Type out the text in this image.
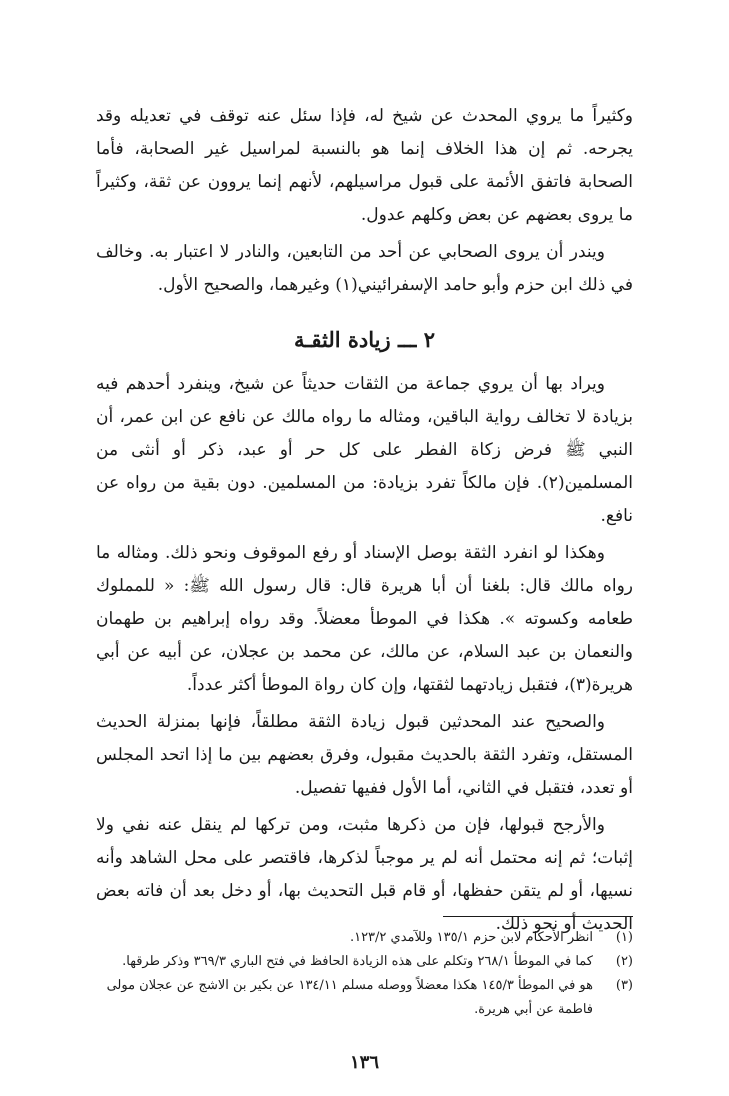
وكثيراً ما يروي المحدث عن شيخ له، فإذا سئل عنه توقف في تعديله وقد يجرحه. ثم إن هذا الخلاف إنما هو بالنسبة لمراسيل غير الصحابة، فأما الصحابة فاتفق الأئمة على قبول مراسيلهم، لأنهم إنما يروون عن ثقة، وكثيراً ما يروى بعضهم عن بعض وكلهم عدول.

ويندر أن يروى الصحابي عن أحد من التابعين، والنادر لا اعتبار به. وخالف في ذلك ابن حزم وأبو حامد الإسفرائيني(١) وغيرهما، والصحيح الأول.

٢ ـــ زيادة الثقـة

ويراد بها أن يروي جماعة من الثقات حديثاً عن شيخ، وينفرد أحدهم فيه بزيادة لا تخالف رواية الباقين، ومثاله ما رواه مالك عن نافع عن ابن عمر، أن النبي ﷺ فرض زكاة الفطر على كل حر أو عبد، ذكر أو أنثى من المسلمين(٢). فإن مالكاً تفرد بزيادة: من المسلمين. دون بقية من رواه عن نافع.

وهكذا لو انفرد الثقة بوصل الإسناد أو رفع الموقوف ونحو ذلك. ومثاله ما رواه مالك قال: بلغنا أن أبا هريرة قال: قال رسول الله ﷺ: « للمملوك طعامه وكسوته ». هكذا في الموطأ معضلاً. وقد رواه إبراهيم بن طهمان والنعمان بن عبد السلام، عن مالك، عن محمد بن عجلان، عن أبيه عن أبي هريرة(٣)، فتقبل زيادتهما لثقتها، وإن كان رواة الموطأ أكثر عدداً.

والصحيح عند المحدثين قبول زيادة الثقة مطلقاً، فإنها بمنزلة الحديث المستقل، وتفرد الثقة بالحديث مقبول، وفرق بعضهم بين ما إذا اتحد المجلس أو تعدد، فتقبل في الثاني، أما الأول ففيها تفصيل.

والأرجح قبولها، فإن من ذكرها مثبت، ومن تركها لم ينقل عنه نفي ولا إثبات؛ ثم إنه محتمل أنه لم ير موجباً لذكرها، فاقتصر على محل الشاهد وأنه نسيها، أو لم يتقن حفظها، أو قام قبل التحديث بها، أو دخل بعد أن فاته بعض الحديث أو نحو ذلك.

(١)
انظر الأحكام لابن حزم ١٣٥/١ وللآمدي ١٢٣/٢.
(٢)
كما في الموطأ ٢٦٨/١ وتكلم على هذه الزيادة الحافظ في فتح الباري ٣٦٩/٣ وذكر طرقها.
(٣)
هو في الموطأ ١٤٥/٣ هكذا معضلاً ووصله مسلم ١٣٤/١١ عن بكير بن الاشج عن عجلان مولى فاطمة عن أبي هريرة.
١٣٦
